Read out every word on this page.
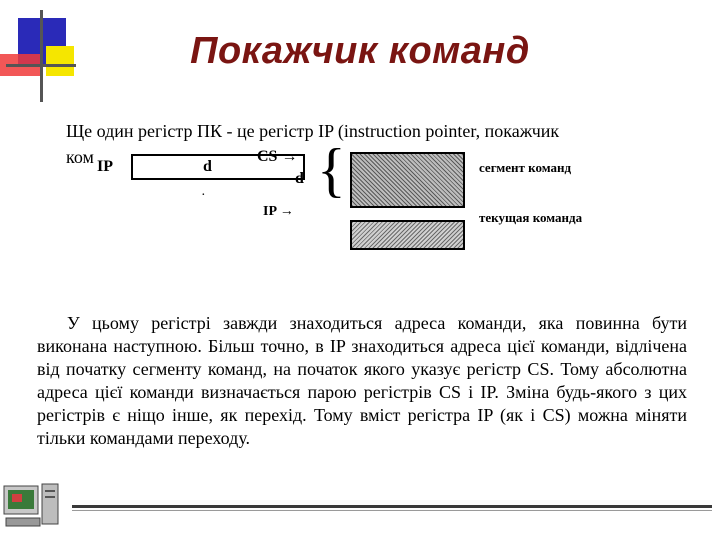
Покажчик команд
Ще один регістр ПК - це регістр IP (instruction pointer, покажчик
ком IP	d
·
CS →
d
IP →
{	сегмент команд
текущая команда
У цьому регістрі завжди знаходиться адреса команди, яка повинна бути виконана наступною. Більш точно, в IP знаходиться адреса цієї команди, відлічена від початку сегменту команд, на початок якого указує регістр CS. Тому абсолютна адреса цієї команди визначається парою регістрів CS і IP. Зміна будь-якого з цих регістрів є ніщо інше, як перехід. Тому вміст регістра IP (як і CS) можна міняти тільки командами переходу.
